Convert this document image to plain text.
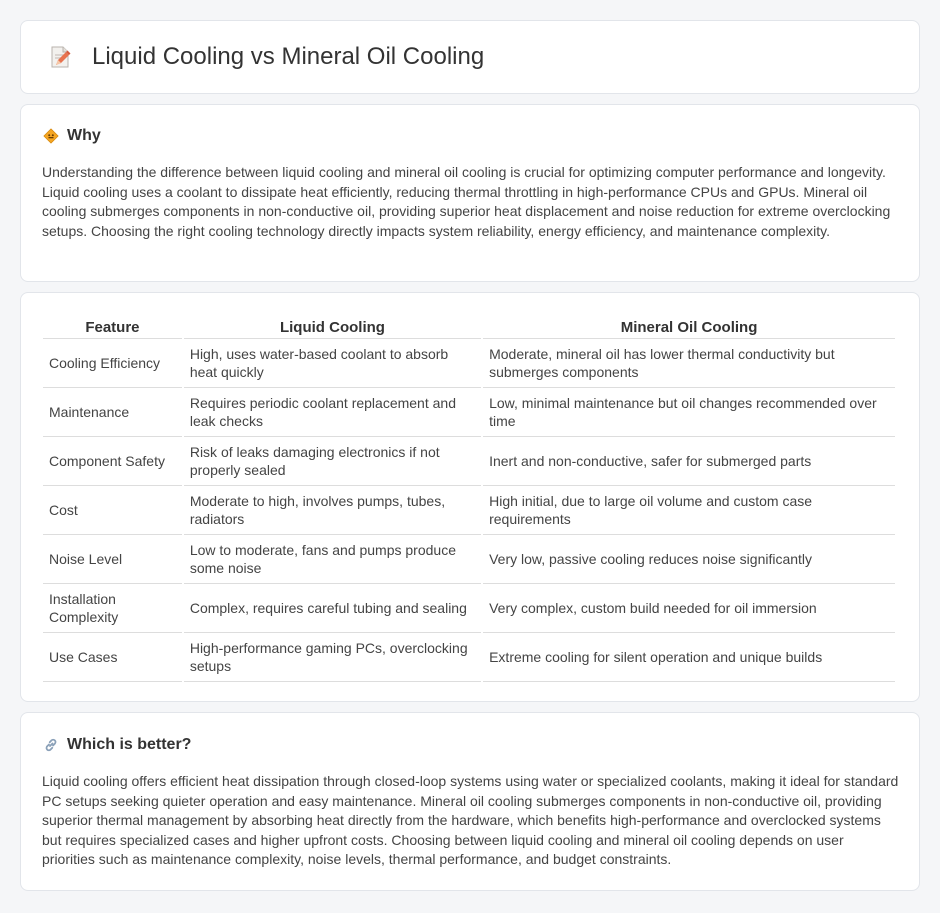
Liquid Cooling vs Mineral Oil Cooling
Why

Understanding the difference between liquid cooling and mineral oil cooling is crucial for optimizing computer performance and longevity. Liquid cooling uses a coolant to dissipate heat efficiently, reducing thermal throttling in high-performance CPUs and GPUs. Mineral oil cooling submerges components in non-conductive oil, providing superior heat displacement and noise reduction for extreme overclocking setups. Choosing the right cooling technology directly impacts system reliability, energy efficiency, and maintenance complexity.

Feature	Liquid Cooling	Mineral Oil Cooling
Cooling Efficiency	High, uses water-based coolant to absorb heat quickly	Moderate, mineral oil has lower thermal conductivity but submerges components
Maintenance	Requires periodic coolant replacement and leak checks	Low, minimal maintenance but oil changes recommended over time
Component Safety	Risk of leaks damaging electronics if not properly sealed	Inert and non-conductive, safer for submerged parts
Cost	Moderate to high, involves pumps, tubes, radiators	High initial, due to large oil volume and custom case requirements
Noise Level	Low to moderate, fans and pumps produce some noise	Very low, passive cooling reduces noise significantly
Installation Complexity	Complex, requires careful tubing and sealing	Very complex, custom build needed for oil immersion
Use Cases	High-performance gaming PCs, overclocking setups	Extreme cooling for silent operation and unique builds
Which is better?

Liquid cooling offers efficient heat dissipation through closed-loop systems using water or specialized coolants, making it ideal for standard PC setups seeking quieter operation and easy maintenance. Mineral oil cooling submerges components in non-conductive oil, providing superior thermal management by absorbing heat directly from the hardware, which benefits high-performance and overclocked systems but requires specialized cases and higher upfront costs. Choosing between liquid cooling and mineral oil cooling depends on user priorities such as maintenance complexity, noise levels, thermal performance, and budget constraints.
